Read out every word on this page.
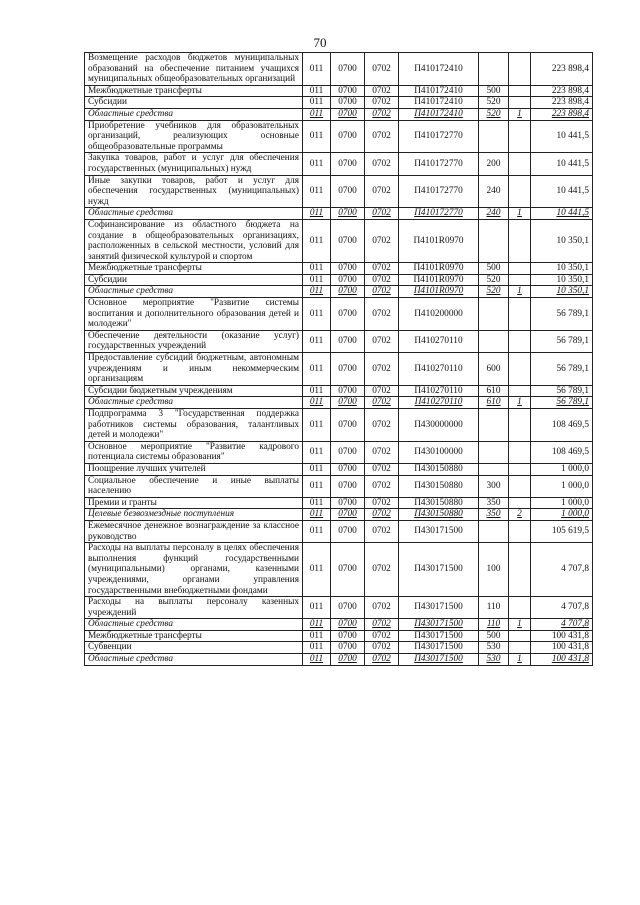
70
Возмещение расходов бюджетов муниципальных образований на обеспечение питанием учащихся муниципальных общеобразовательных организаций	011	0700	0702	П410172410			223 898,4
Межбюджетные трансферты	011	0700	0702	П410172410	500		223 898,4
Субсидии	011	0700	0702	П410172410	520		223 898,4
Областные средства	011	0700	0702	П410172410	520	1	223 898,4
Приобретение учебников для образовательных организаций, реализующих основные общеобразовательные программы	011	0700	0702	П410172770			10 441,5
Закупка товаров, работ и услуг для обеспечения государственных (муниципальных) нужд	011	0700	0702	П410172770	200		10 441,5
Иные закупки товаров, работ и услуг для обеспечения государственных (муниципальных) нужд	011	0700	0702	П410172770	240		10 441,5
Областные средства	011	0700	0702	П410172770	240	1	10 441,5
Софинансирование из областного бюджета на создание в общеобразовательных организациях, расположенных в сельской местности, условий для занятий физической культурой и спортом	011	0700	0702	П4101R0970			10 350,1
Межбюджетные трансферты	011	0700	0702	П4101R0970	500		10 350,1
Субсидии	011	0700	0702	П4101R0970	520		10 350,1
Областные средства	011	0700	0702	П4101R0970	520	1	10 350,1
Основное мероприятие "Развитие системы воспитания и дополнительного образования детей и молодежи"	011	0700	0702	П410200000			56 789,1
Обеспечение деятельности (оказание услуг) государственных учреждений	011	0700	0702	П410270110			56 789,1
Предоставление субсидий бюджетным, автономным учреждениям и иным некоммерческим организациям	011	0700	0702	П410270110	600		56 789,1
Субсидии бюджетным учреждениям	011	0700	0702	П410270110	610		56 789,1
Областные средства	011	0700	0702	П410270110	610	1	56 789,1
Подпрограмма 3 "Государственная поддержка работников системы образования, талантливых детей и молодежи"	011	0700	0702	П430000000			108 469,5
Основное мероприятие "Развитие кадрового потенциала системы образования"	011	0700	0702	П430100000			108 469,5
Поощрение лучших учителей	011	0700	0702	П430150880			1 000,0
Социальное обеспечение и иные выплаты населению	011	0700	0702	П430150880	300		1 000,0
Премии и гранты	011	0700	0702	П430150880	350		1 000,0
Целевые безвозмездные поступления	011	0700	0702	П430150880	350	2	1 000,0
Ежемесячное денежное вознаграждение за классное руководство	011	0700	0702	П430171500			105 619,5
Расходы на выплаты персоналу в целях обеспечения выполнения функций государственными (муниципальными) органами, казенными учреждениями, органами управления государственными внебюджетными фондами	011	0700	0702	П430171500	100		4 707,8
Расходы на выплаты персоналу казенных учреждений	011	0700	0702	П430171500	110		4 707,8
Областные средства	011	0700	0702	П430171500	110	1	4 707,8
Межбюджетные трансферты	011	0700	0702	П430171500	500		100 431,8
Субвенции	011	0700	0702	П430171500	530		100 431,8
Областные средства	011	0700	0702	П430171500	530	1	100 431,8
